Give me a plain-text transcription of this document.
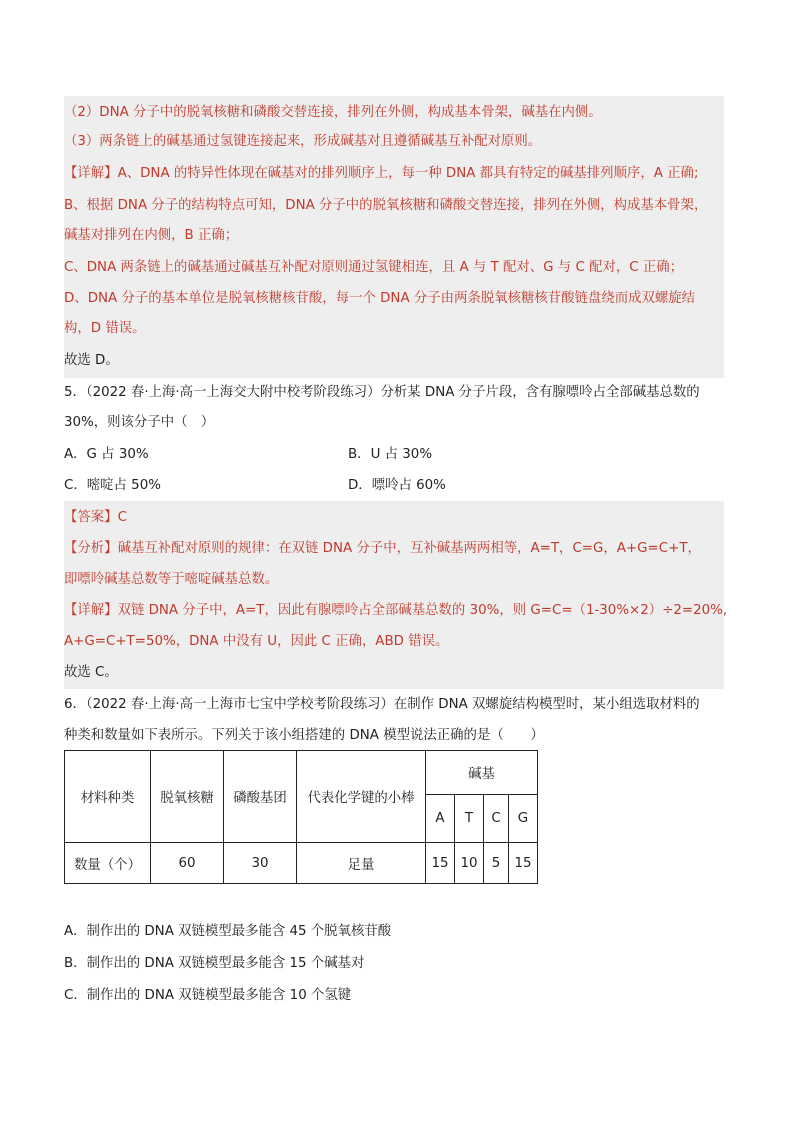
（2）DNA 分子中的脱氧核糖和磷酸交替连接，排列在外侧，构成基本骨架，碱基在内侧。
（3）两条链上的碱基通过氢键连接起来，形成碱基对且遵循碱基互补配对原则。
【详解】A、DNA 的特异性体现在碱基对的排列顺序上，每一种 DNA 都具有特定的碱基排列顺序，A 正确;
B、根据 DNA 分子的结构特点可知，DNA 分子中的脱氧核糖和磷酸交替连接，排列在外侧，构成基本骨架，
碱基对排列在内侧，B 正确；
C、DNA 两条链上的碱基通过碱基互补配对原则通过氢键相连，且 A 与 T 配对、G 与 C 配对，C 正确；
D、DNA 分子的基本单位是脱氧核糖核苷酸，每一个 DNA 分子由两条脱氧核糖核苷酸链盘绕而成双螺旋结
构，D 错误。
故选 D。
5．（2022 春·上海·高一上海交大附中校考阶段练习）分析某 DNA 分子片段，含有腺嘌呤占全部碱基总数的
30%，则该分子中（　）
A．G 占 30%	B．U 占 30%
C．嘧啶占 50%	D．嘌呤占 60%
【答案】C
【分析】碱基互补配对原则的规律：在双链 DNA 分子中，互补碱基两两相等，A=T，C=G，A+G=C+T，
即嘌呤碱基总数等于嘧啶碱基总数。
【详解】双链 DNA 分子中，A=T，因此有腺嘌呤占全部碱基总数的 30%，则 G=C=（1-30%×2）÷2=20%,
A+G=C+T=50%，DNA 中没有 U，因此 C 正确，ABD 错误。
故选 C。
6．（2022 春·上海·高一上海市七宝中学校考阶段练习）在制作 DNA 双螺旋结构模型时，某小组选取材料的
种类和数量如下表所示。下列关于该小组搭建的 DNA 模型说法正确的是（　　）
材料种类	脱氧核糖	磷酸基团	代表化学键的小棒	碱基			
				A	T	C	G
数量（个）	60	30	足量	15	10	5	15
A．制作出的 DNA 双链模型最多能含 45 个脱氧核苷酸
B．制作出的 DNA 双链模型最多能含 15 个碱基对
C．制作出的 DNA 双链模型最多能含 10 个氢键
